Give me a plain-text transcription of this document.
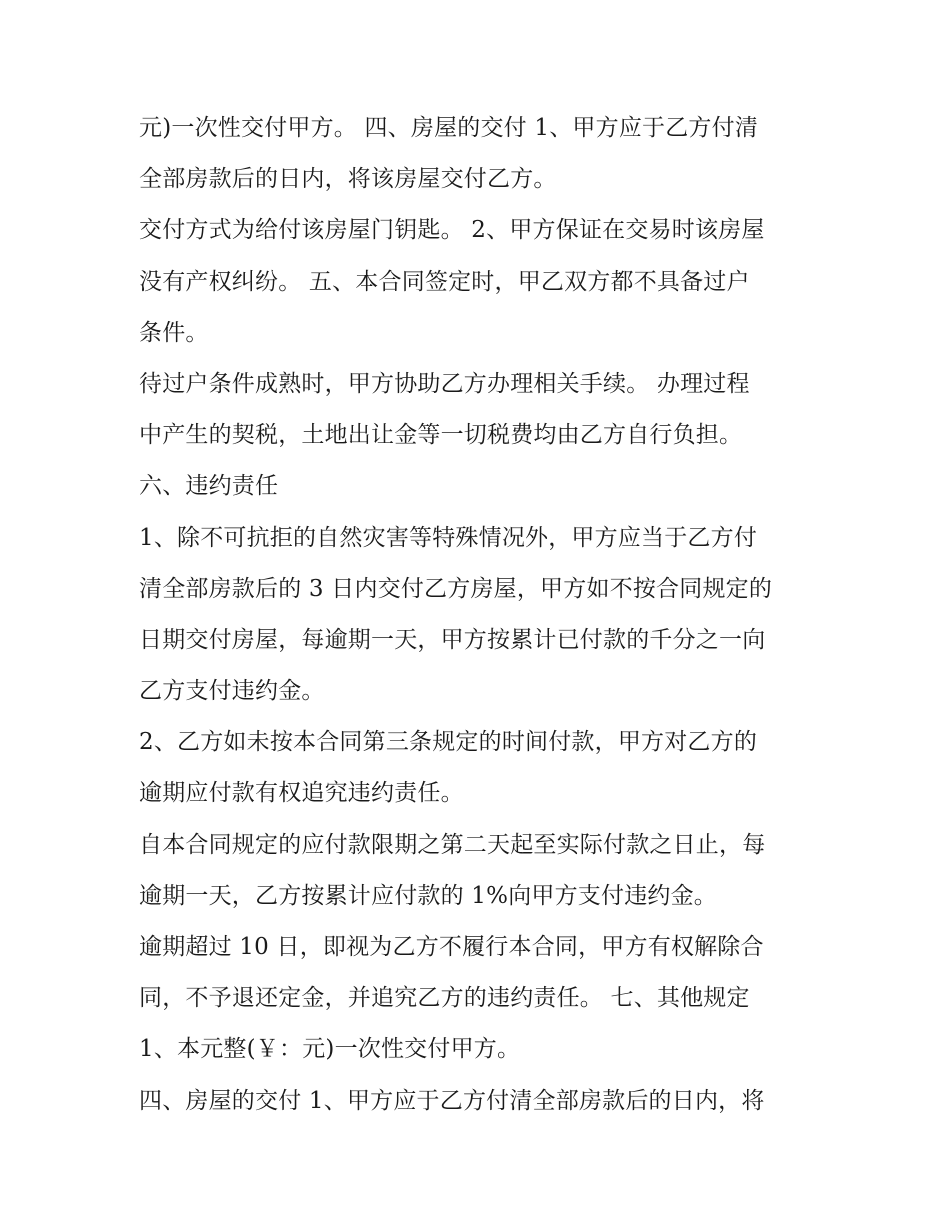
元)一次性交付甲方。 四、房屋的交付 1、甲方应于乙方付清
全部房款后的日内，将该房屋交付乙方。
交付方式为给付该房屋门钥匙。 2、甲方保证在交易时该房屋
没有产权纠纷。 五、本合同签定时，甲乙双方都不具备过户
条件。
待过户条件成熟时，甲方协助乙方办理相关手续。 办理过程
中产生的契税，土地出让金等一切税费均由乙方自行负担。
六、违约责任
1、除不可抗拒的自然灾害等特殊情况外，甲方应当于乙方付
清全部房款后的 3 日内交付乙方房屋，甲方如不按合同规定的
日期交付房屋，每逾期一天，甲方按累计已付款的千分之一向
乙方支付违约金。
2、乙方如未按本合同第三条规定的时间付款，甲方对乙方的
逾期应付款有权追究违约责任。
自本合同规定的应付款限期之第二天起至实际付款之日止，每
逾期一天，乙方按累计应付款的 1%向甲方支付违约金。
逾期超过 10 日，即视为乙方不履行本合同，甲方有权解除合
同，不予退还定金，并追究乙方的违约责任。 七、其他规定
1、本元整(￥：元)一次性交付甲方。
四、房屋的交付 1、甲方应于乙方付清全部房款后的日内，将
